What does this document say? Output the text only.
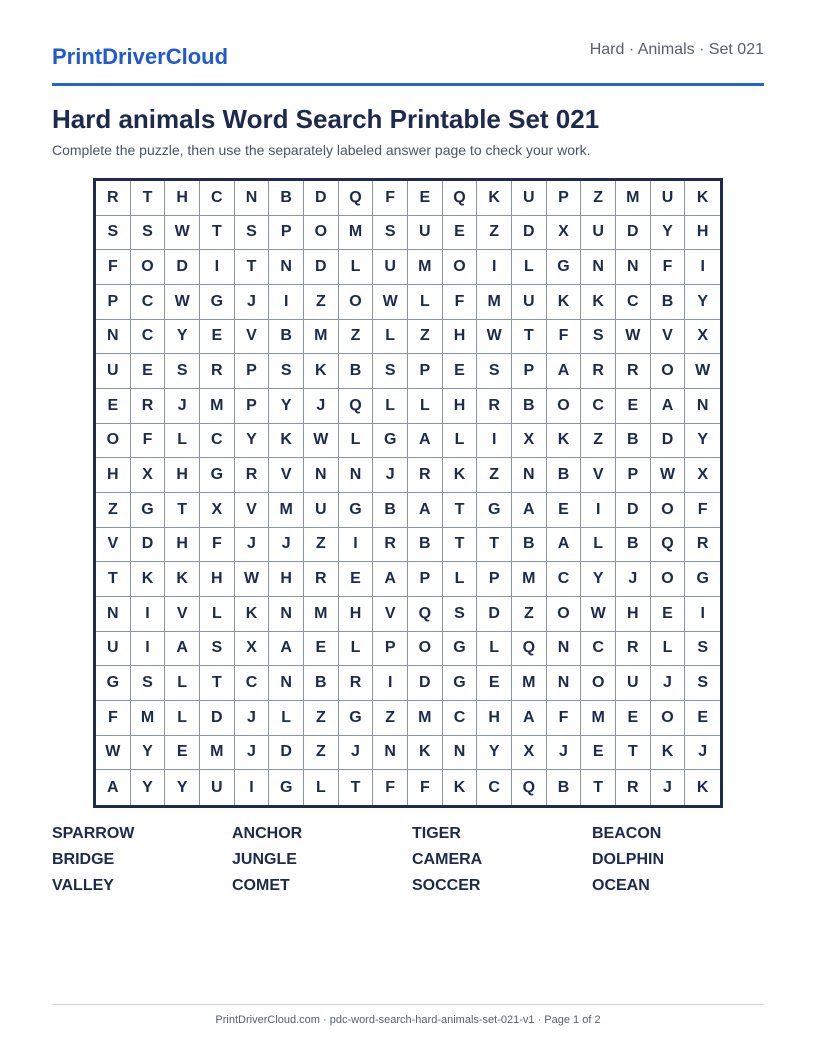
PrintDriverCloud	Hard · Animals · Set 021
Hard animals Word Search Printable Set 021
Complete the puzzle, then use the separately labeled answer page to check your work.
R	T	H	C	N	B	D	Q	F	E	Q	K	U	P	Z	M	U	K
S	S	W	T	S	P	O	M	S	U	E	Z	D	X	U	D	Y	H
F	O	D	I	T	N	D	L	U	M	O	I	L	G	N	N	F	I
P	C	W	G	J	I	Z	O	W	L	F	M	U	K	K	C	B	Y
N	C	Y	E	V	B	M	Z	L	Z	H	W	T	F	S	W	V	X
U	E	S	R	P	S	K	B	S	P	E	S	P	A	R	R	O	W
E	R	J	M	P	Y	J	Q	L	L	H	R	B	O	C	E	A	N
O	F	L	C	Y	K	W	L	G	A	L	I	X	K	Z	B	D	Y
H	X	H	G	R	V	N	N	J	R	K	Z	N	B	V	P	W	X
Z	G	T	X	V	M	U	G	B	A	T	G	A	E	I	D	O	F
V	D	H	F	J	J	Z	I	R	B	T	T	B	A	L	B	Q	R
T	K	K	H	W	H	R	E	A	P	L	P	M	C	Y	J	O	G
N	I	V	L	K	N	M	H	V	Q	S	D	Z	O	W	H	E	I
U	I	A	S	X	A	E	L	P	O	G	L	Q	N	C	R	L	S
G	S	L	T	C	N	B	R	I	D	G	E	M	N	O	U	J	S
F	M	L	D	J	L	Z	G	Z	M	C	H	A	F	M	E	O	E
W	Y	E	M	J	D	Z	J	N	K	N	Y	X	J	E	T	K	J
A	Y	Y	U	I	G	L	T	F	F	K	C	Q	B	T	R	J	K
SPARROW	ANCHOR	TIGER	BEACON
BRIDGE	JUNGLE	CAMERA	DOLPHIN
VALLEY	COMET	SOCCER	OCEAN
PrintDriverCloud.com · pdc-word-search-hard-animals-set-021-v1 · Page 1 of 2
